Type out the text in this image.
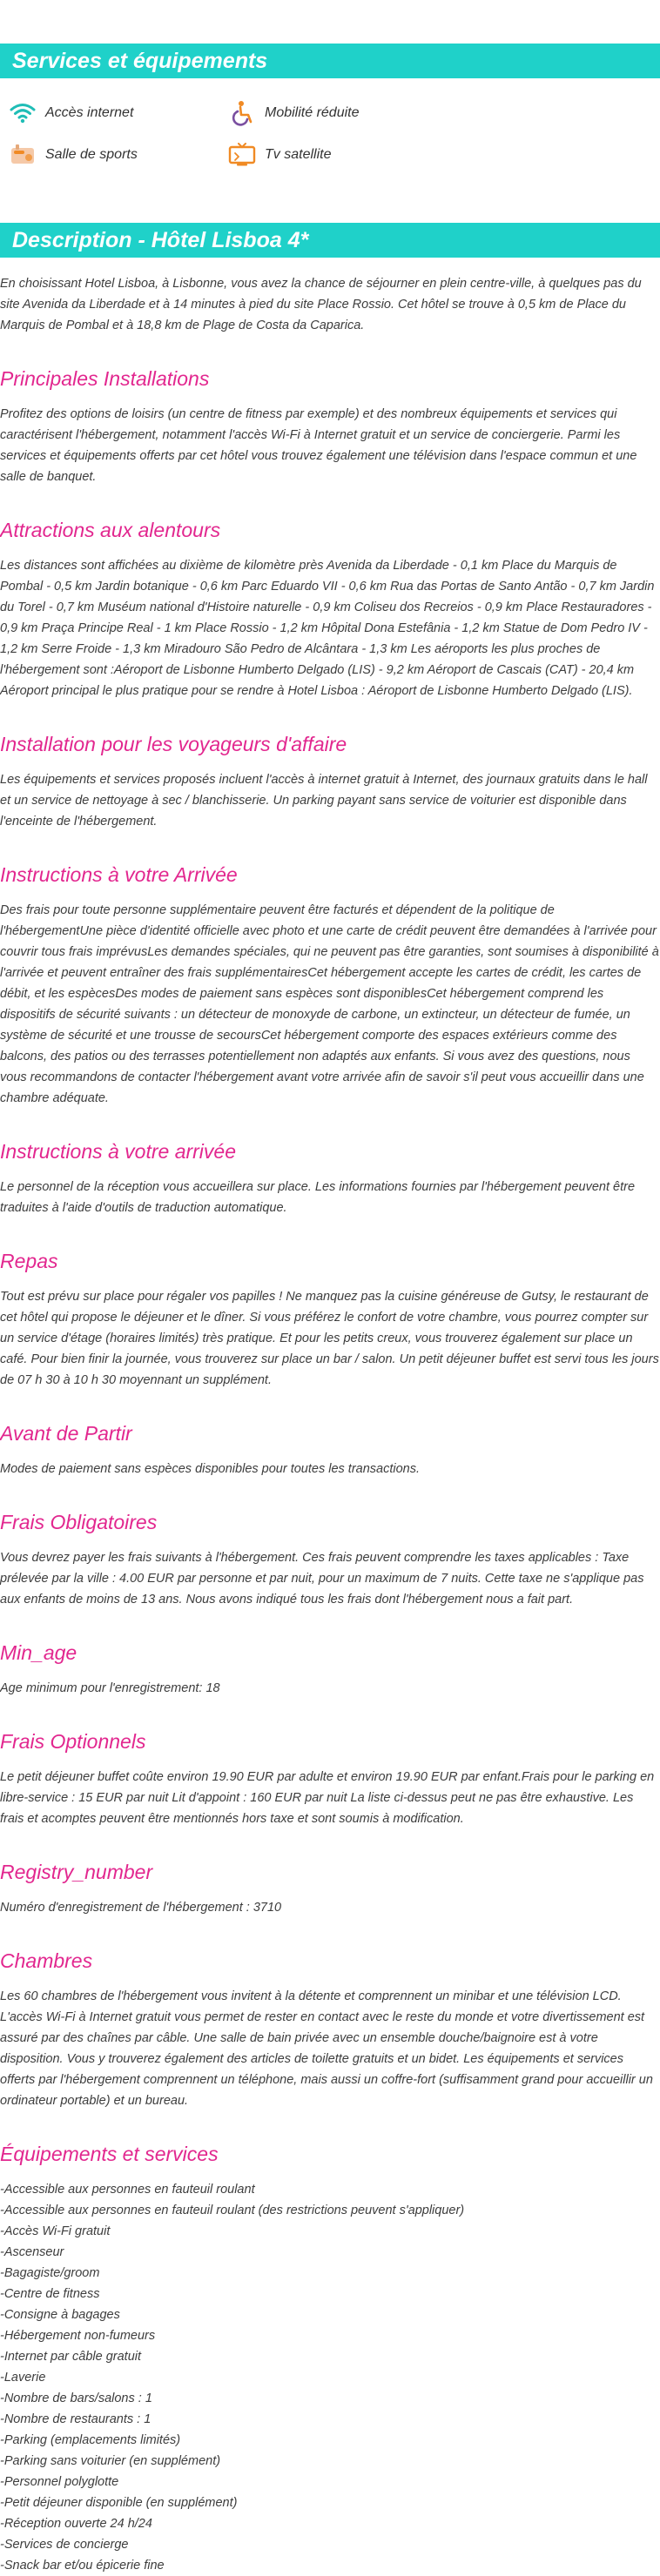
Services et équipements
Accès internet	Mobilité réduite
Salle de sports	Tv satellite
Description - Hôtel Lisboa 4*

En choisissant Hotel Lisboa, à Lisbonne, vous avez la chance de séjourner en plein centre-ville, à quelques pas du site Avenida da Liberdade et à 14 minutes à pied du site Place Rossio. Cet hôtel se trouve à 0,5 km de Place du Marquis de Pombal et à 18,8 km de Plage de Costa da Caparica.

Principales Installations

Profitez des options de loisirs (un centre de fitness par exemple) et des nombreux équipements et services qui caractérisent l'hébergement, notamment l'accès Wi-Fi à Internet gratuit et un service de conciergerie. Parmi les services et équipements offerts par cet hôtel vous trouvez également une télévision dans l'espace commun et une salle de banquet.

Attractions aux alentours

Les distances sont affichées au dixième de kilomètre près Avenida da Liberdade - 0,1 km Place du Marquis de Pombal - 0,5 km Jardin botanique - 0,6 km Parc Eduardo VII - 0,6 km Rua das Portas de Santo Antão - 0,7 km Jardin du Torel - 0,7 km Muséum national d'Histoire naturelle - 0,9 km Coliseu dos Recreios - 0,9 km Place Restauradores - 0,9 km Praça Principe Real - 1 km Place Rossio - 1,2 km Hôpital Dona Estefânia - 1,2 km Statue de Dom Pedro IV - 1,2 km Serre Froide - 1,3 km Miradouro São Pedro de Alcântara - 1,3 km Les aéroports les plus proches de l'hébergement sont :Aéroport de Lisbonne Humberto Delgado (LIS) - 9,2 km Aéroport de Cascais (CAT) - 20,4 km Aéroport principal le plus pratique pour se rendre à Hotel Lisboa : Aéroport de Lisbonne Humberto Delgado (LIS).

Installation pour les voyageurs d'affaire

Les équipements et services proposés incluent l'accès à internet gratuit à Internet, des journaux gratuits dans le hall et un service de nettoyage à sec / blanchisserie. Un parking payant sans service de voiturier est disponible dans l'enceinte de l'hébergement.

Instructions à votre Arrivée

Des frais pour toute personne supplémentaire peuvent être facturés et dépendent de la politique de l'hébergementUne pièce d'identité officielle avec photo et une carte de crédit peuvent être demandées à l'arrivée pour couvrir tous frais imprévusLes demandes spéciales, qui ne peuvent pas être garanties, sont soumises à disponibilité à l'arrivée et peuvent entraîner des frais supplémentairesCet hébergement accepte les cartes de crédit, les cartes de débit, et les espècesDes modes de paiement sans espèces sont disponiblesCet hébergement comprend les dispositifs de sécurité suivants : un détecteur de monoxyde de carbone, un extincteur, un détecteur de fumée, un système de sécurité et une trousse de secoursCet hébergement comporte des espaces extérieurs comme des balcons, des patios ou des terrasses potentiellement non adaptés aux enfants. Si vous avez des questions, nous vous recommandons de contacter l'hébergement avant votre arrivée afin de savoir s'il peut vous accueillir dans une chambre adéquate.

Instructions à votre arrivée

Le personnel de la réception vous accueillera sur place. Les informations fournies par l'hébergement peuvent être traduites à l'aide d'outils de traduction automatique.

Repas

Tout est prévu sur place pour régaler vos papilles ! Ne manquez pas la cuisine généreuse de Gutsy, le restaurant de cet hôtel qui propose le déjeuner et le dîner. Si vous préférez le confort de votre chambre, vous pourrez compter sur un service d'étage (horaires limités) très pratique. Et pour les petits creux, vous trouverez également sur place un café. Pour bien finir la journée, vous trouverez sur place un bar / salon. Un petit déjeuner buffet est servi tous les jours de 07 h 30 à 10 h 30 moyennant un supplément.

Avant de Partir

Modes de paiement sans espèces disponibles pour toutes les transactions.

Frais Obligatoires

Vous devrez payer les frais suivants à l'hébergement. Ces frais peuvent comprendre les taxes applicables : Taxe prélevée par la ville : 4.00 EUR par personne et par nuit, pour un maximum de 7 nuits. Cette taxe ne s'applique pas aux enfants de moins de 13 ans. Nous avons indiqué tous les frais dont l'hébergement nous a fait part.

Min_age

Age minimum pour l'enregistrement: 18

Frais Optionnels

Le petit déjeuner buffet coûte environ 19.90 EUR par adulte et environ 19.90 EUR par enfant.Frais pour le parking en libre-service : 15 EUR par nuit Lit d'appoint : 160 EUR par nuit La liste ci-dessus peut ne pas être exhaustive. Les frais et acomptes peuvent être mentionnés hors taxe et sont soumis à modification.

Registry_number

Numéro d'enregistrement de l'hébergement : 3710

Chambres

Les 60 chambres de l'hébergement vous invitent à la détente et comprennent un minibar et une télévision LCD. L'accès Wi-Fi à Internet gratuit vous permet de rester en contact avec le reste du monde et votre divertissement est assuré par des chaînes par câble. Une salle de bain privée avec un ensemble douche/baignoire est à votre disposition. Vous y trouverez également des articles de toilette gratuits et un bidet. Les équipements et services offerts par l'hébergement comprennent un téléphone, mais aussi un coffre-fort (suffisamment grand pour accueillir un ordinateur portable) et un bureau.

Équipements et services
-Accessible aux personnes en fauteuil roulant
-Accessible aux personnes en fauteuil roulant (des restrictions peuvent s'appliquer)
-Accès Wi-Fi gratuit
-Ascenseur
-Bagagiste/groom
-Centre de fitness
-Consigne à bagages
-Hébergement non-fumeurs
-Internet par câble gratuit
-Laverie
-Nombre de bars/salons : 1
-Nombre de restaurants : 1
-Parking (emplacements limités)
-Parking sans voiturier (en supplément)
-Personnel polyglotte
-Petit déjeuner disponible (en supplément)
-Réception ouverte 24 h/24
-Services de concierge
-Snack bar et/ou épicerie fine
